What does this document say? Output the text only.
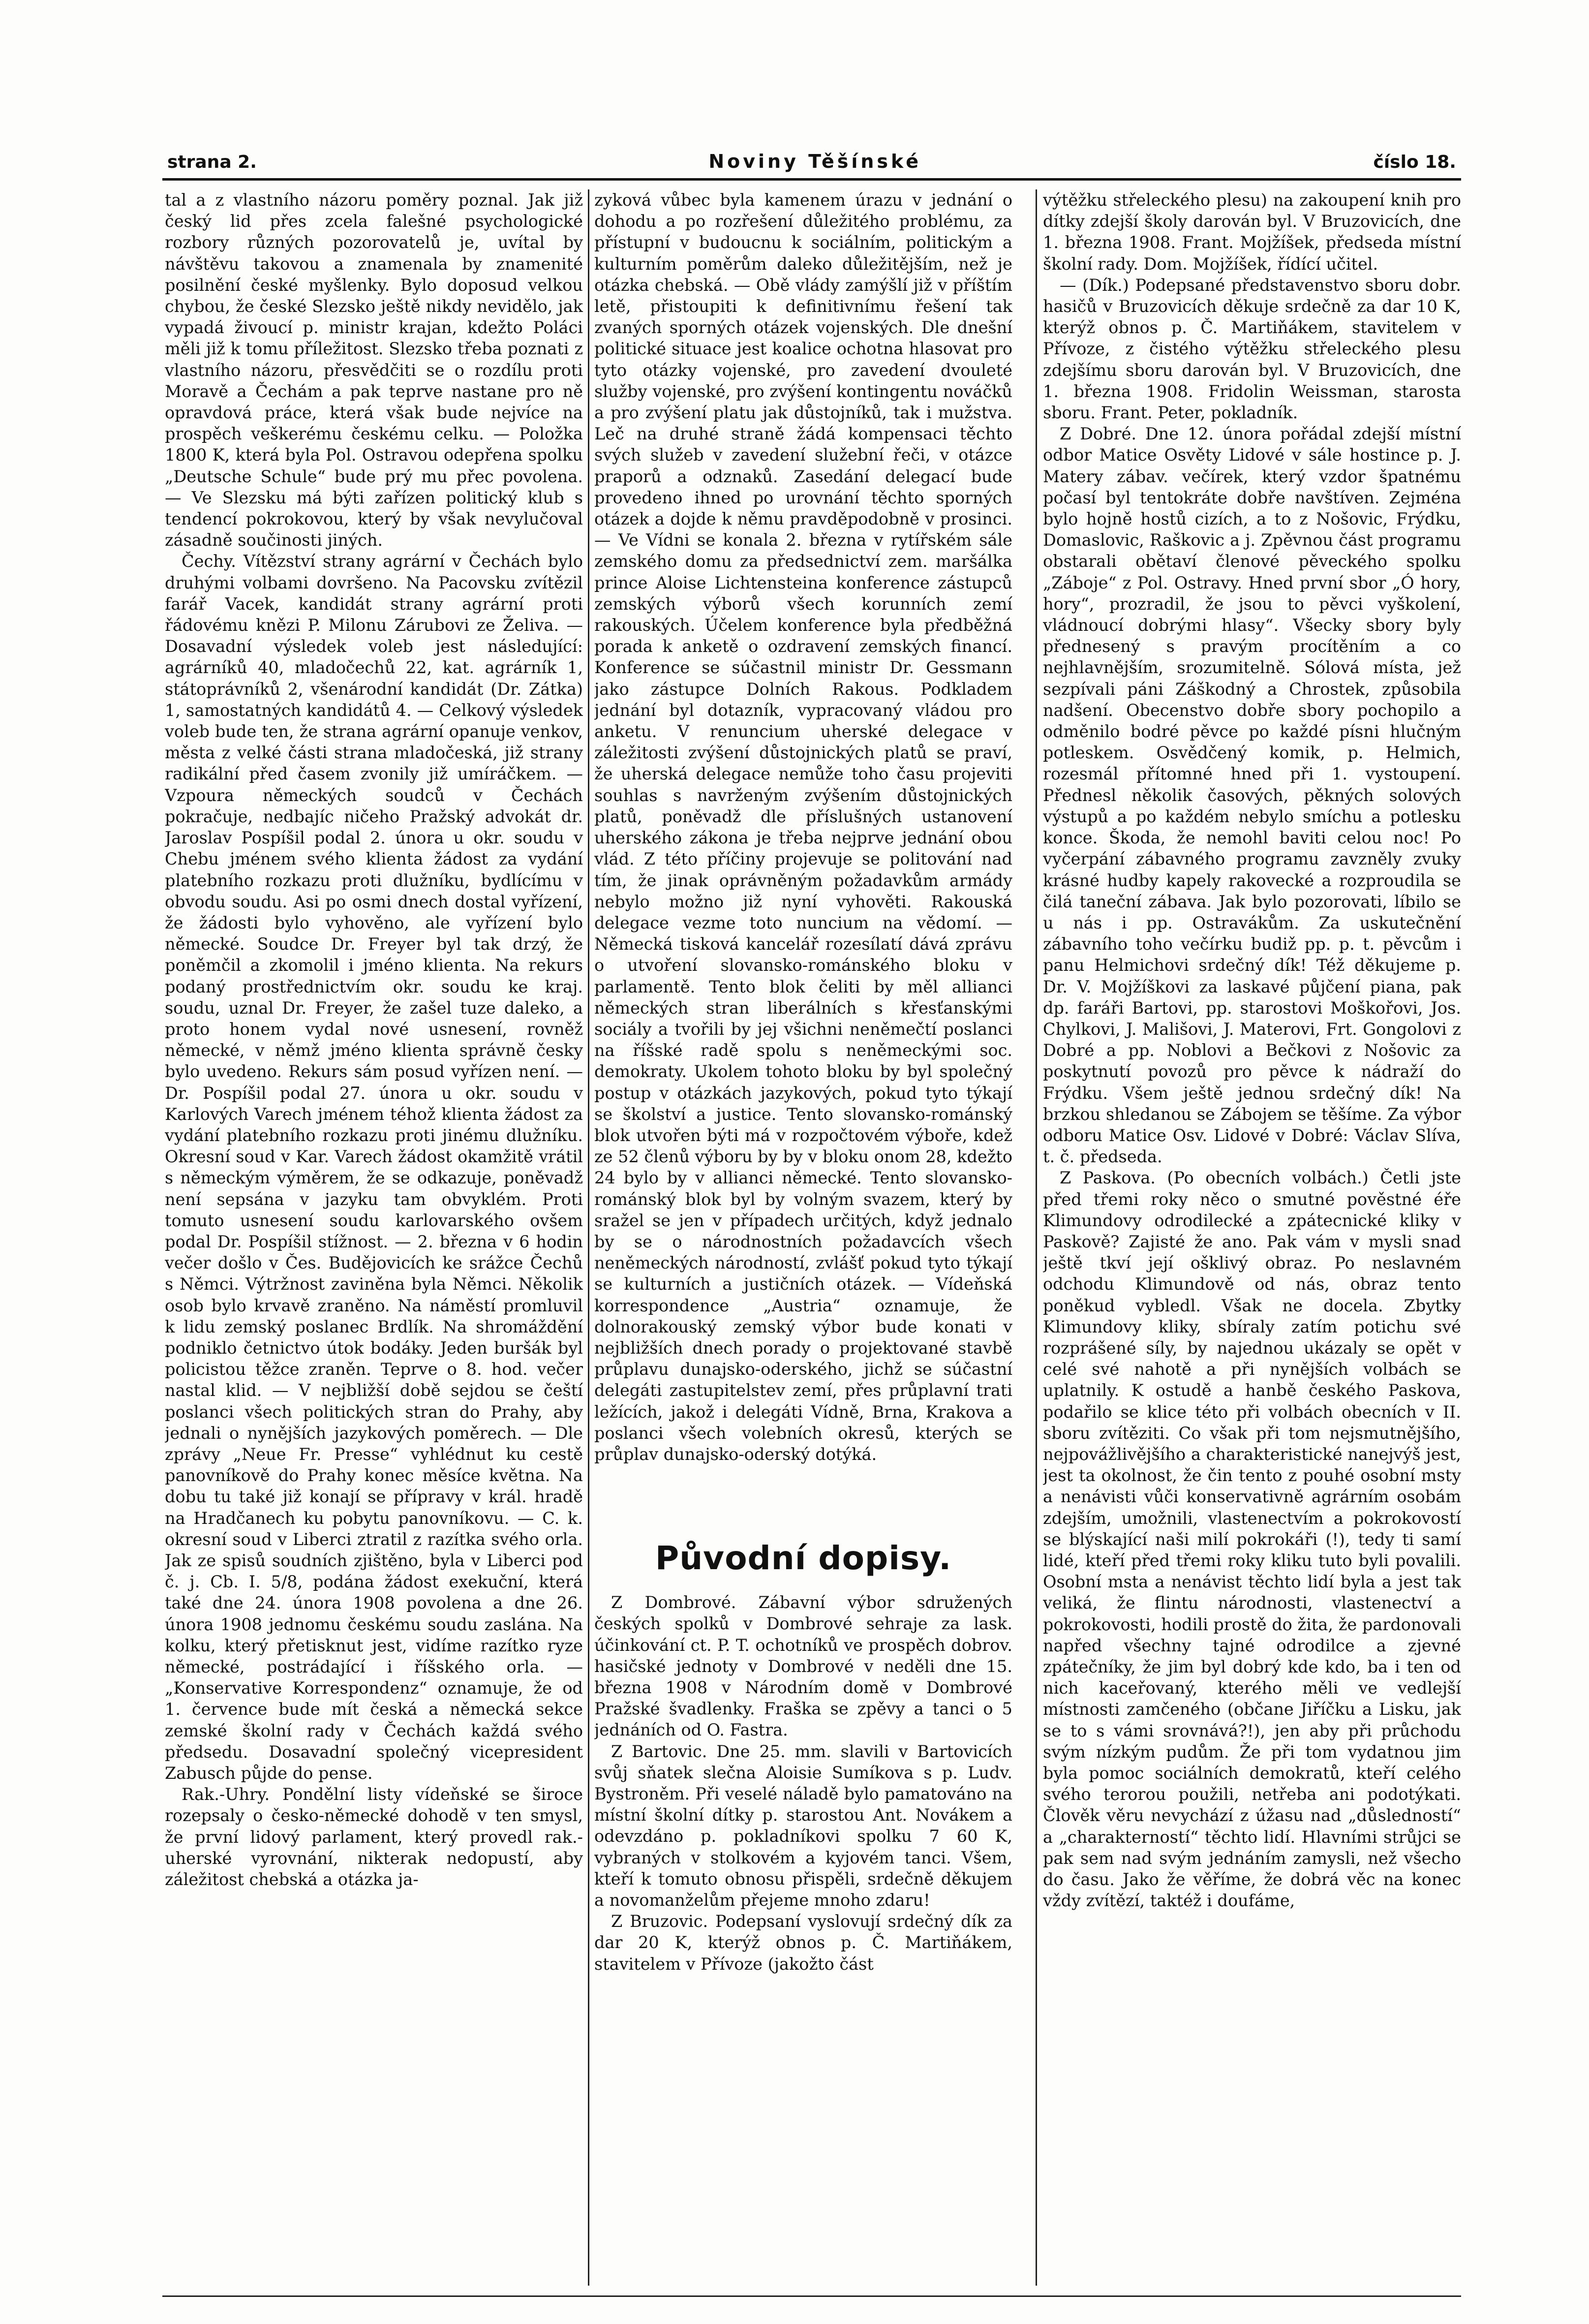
strana 2.	Noviny Těšínské	číslo 18.

tal a z vlastního názoru poměry poznal. Jak již český lid přes zcela falešné psychologické rozbory různých pozorovatelů je, uvítal by návštěvu takovou a znamenala by znamenité posilnění české myšlenky. Bylo doposud velkou chybou, že české Slezsko ještě nikdy nevidělo, jak vypadá živoucí p. ministr krajan, kdežto Poláci měli již k tomu příležitost. Slezsko třeba poznati z vlastního názoru, přesvědčiti se o rozdílu proti Moravě a Čechám a pak teprve nastane pro ně opravdová práce, která však bude nejvíce na prospěch veškerému českému celku. — Položka 1800 K, která byla Pol. Ostravou odepřena spolku „Deutsche Schule“ bude prý mu přec povolena. — Ve Slezsku má býti zařízen politický klub s tendencí pokrokovou, který by však nevylučoval zásadně součinosti jiných.

Čechy. Vítězství strany agrární v Čechách bylo druhými volbami dovršeno. Na Pacovsku zvítězil farář Vacek, kandidát strany agrární proti řádovému knězi P. Milonu Zárubovi ze Želiva. — Dosavadní výsledek voleb jest následující: agrárníků 40, mladočechů 22, kat. agrárník 1, státoprávníků 2, všenárodní kandidát (Dr. Zátka) 1, samostatných kandidátů 4. — Celkový výsledek voleb bude ten, že strana agrární opanuje venkov, města z velké části strana mladočeská, již strany radikální před časem zvonily již umíráčkem. — Vzpoura německých soudců v Čechách pokračuje, nedbajíc ničeho Pražský advokát dr. Jaroslav Pospíšil podal 2. února u okr. soudu v Chebu jménem svého klienta žádost za vydání platebního rozkazu proti dlužníku, bydlícímu v obvodu soudu. Asi po osmi dnech dostal vyřízení, že žádosti bylo vyhověno, ale vyřízení bylo německé. Soudce Dr. Freyer byl tak drzý, že poněmčil a zkomolil i jméno klienta. Na rekurs podaný prostřednictvím okr. soudu ke kraj. soudu, uznal Dr. Freyer, že zašel tuze daleko, a proto honem vydal nové usnesení, rovněž německé, v němž jméno klienta správně česky bylo uvedeno. Rekurs sám posud vyřízen není. — Dr. Pospíšil podal 27. února u okr. soudu v Karlových Varech jménem téhož klienta žádost za vydání platebního rozkazu proti jinému dlužníku. Okresní soud v Kar. Varech žádost okamžitě vrátil s německým výměrem, že se odkazuje, poněvadž není sepsána v jazyku tam obvyklém. Proti tomuto usnesení soudu karlovarského ovšem podal Dr. Pospíšil stížnost. — 2. března v 6 hodin večer došlo v Čes. Budějovicích ke srážce Čechů s Němci. Výtržnost zaviněna byla Němci. Několik osob bylo krvavě zraněno. Na náměstí promluvil k lidu zemský poslanec Brdlík. Na shromáždění podniklo četnictvo útok bodáky. Jeden buršák byl policistou těžce zraněn. Teprve o 8. hod. večer nastal klid. — V nejbližší době sejdou se čeští poslanci všech politických stran do Prahy, aby jednali o nynějších jazykových poměrech. — Dle zprávy „Neue Fr. Presse“ vyhlédnut ku cestě panovníkově do Prahy konec měsíce května. Na dobu tu také již konají se přípravy v král. hradě na Hradčanech ku pobytu panovníkovu. — C. k. okresní soud v Liberci ztratil z razítka svého orla. Jak ze spisů soudních zjištěno, byla v Liberci pod č. j. Cb. I. 5/8, podána žádost exekuční, která také dne 24. února 1908 povolena a dne 26. února 1908 jednomu českému soudu zaslána. Na kolku, který přetisknut jest, vidíme razítko ryze německé, postrádající i říšského orla. — „Konservative Korrespondenz“ oznamuje, že od 1. července bude mít česká a německá sekce zemské školní rady v Čechách každá svého předsedu. Dosavadní společný vicepresident Zabusch půjde do pense.

Rak.-Uhry. Pondělní listy vídeňské se široce rozepsaly o česko-německé dohodě v ten smysl, že první lidový parlament, který provedl rak.-uherské vyrovnání, nikterak nedopustí, aby záležitost chebská a otázka ja-

zyková vůbec byla kamenem úrazu v jednání o dohodu a po rozřešení důležitého problému, za přístupní v budoucnu k sociálním, politickým a kulturním poměrům daleko důležitějším, než je otázka chebská. — Obě vlády zamýšlí již v příštím letě, přistoupiti k definitivnímu řešení tak zvaných sporných otázek vojenských. Dle dnešní politické situace jest koalice ochotna hlasovat pro tyto otázky vojenské, pro zavedení dvouleté služby vojenské, pro zvýšení kontingentu nováčků a pro zvýšení platu jak důstojníků, tak i mužstva. Leč na druhé straně žádá kompensaci těchto svých služeb v zavedení služební řeči, v otázce praporů a odznaků. Zasedání delegací bude provedeno ihned po urovnání těchto sporných otázek a dojde k němu pravděpodobně v prosinci. — Ve Vídni se konala 2. března v rytířském sále zemského domu za předsednictví zem. maršálka prince Aloise Lichtensteina konference zástupců zemských výborů všech korunních zemí rakouských. Účelem konference byla předběžná porada k anketě o ozdravení zemských financí. Konference se súčastnil ministr Dr. Gessmann jako zástupce Dolních Rakous. Podkladem jednání byl dotazník, vypracovaný vládou pro anketu. V renuncium uherské delegace v záležitosti zvýšení důstojnických platů se praví, že uherská delegace nemůže toho času projeviti souhlas s navrženým zvýšením důstojnických platů, poněvadž dle příslušných ustanovení uherského zákona je třeba nejprve jednání obou vlád. Z této příčiny projevuje se politování nad tím, že jinak oprávněným požadavkům armády nebylo možno již nyní vyhověti. Rakouská delegace vezme toto nuncium na vědomí. — Německá tisková kancelář rozesílatí dává zprávu o utvoření slovansko-románského bloku v parlamentě. Tento blok čeliti by měl allianci německých stran liberálních s křesťanskými sociály a tvořili by jej všichni neněmečtí poslanci na říšské radě spolu s neněmeckými soc. demokraty. Ukolem tohoto bloku by byl společný postup v otázkách jazykových, pokud tyto týkají se školství a justice. Tento slovansko-románský blok utvořen býti má v rozpočtovém výboře, kdež ze 52 členů výboru by by v bloku onom 28, kdežto 24 bylo by v allianci německé. Tento slovansko-románský blok byl by volným svazem, který by sražel se jen v případech určitých, když jednalo by se o národnostních požadavcích všech neněmeckých národností, zvlášť pokud tyto týkají se kulturních a justičních otázek. — Vídeňská korrespondence „Austria“ oznamuje, že dolnorakouský zemský výbor bude konati v nejbližších dnech porady o projektované stavbě průplavu dunajsko-oderského, jichž se súčastní delegáti zastupitelstev zemí, přes průplavní trati ležících, jakož i delegáti Vídně, Brna, Krakova a poslanci všech volebních okresů, kterých se průplav dunajsko-oderský dotýká.

Původní dopisy.

Z Dombrové. Zábavní výbor sdružených českých spolků v Dombrové sehraje za lask. účinkování ct. P. T. ochotníků ve prospěch dobrov. hasičské jednoty v Dombrové v neděli dne 15. března 1908 v Národním domě v Dombrové Pražské švadlenky. Fraška se zpěvy a tanci o 5 jednáních od O. Fastra.

Z Bartovic. Dne 25. mm. slavili v Bartovicích svůj sňatek slečna Aloisie Sumíkova s p. Ludv. Bystroněm. Při veselé náladě bylo pamatováno na místní školní dítky p. starostou Ant. Novákem a odevzdáno p. pokladníkovi spolku 7 60 K, vybraných v stolkovém a kyjovém tanci. Všem, kteří k tomuto obnosu přispěli, srdečně děkujem a novomanželům přejeme mnoho zdaru!

Z Bruzovic. Podepsaní vyslovují srdečný dík za dar 20 K, kterýž obnos p. Č. Martiňákem, stavitelem v Přívoze (jakožto část

výtěžku střeleckého plesu) na zakoupení knih pro dítky zdejší školy darován byl. V Bruzovicích, dne 1. března 1908. Frant. Mojžíšek, předseda místní školní rady. Dom. Mojžíšek, řídící učitel.

— (Dík.) Podepsané představenstvo sboru dobr. hasičů v Bruzovicích děkuje srdečně za dar 10 K, kterýž obnos p. Č. Martiňákem, stavitelem v Přívoze, z čistého výtěžku střeleckého plesu zdejšímu sboru darován byl. V Bruzovicích, dne 1. března 1908. Fridolin Weissman, starosta sboru. Frant. Peter, pokladník.

Z Dobré. Dne 12. února pořádal zdejší místní odbor Matice Osvěty Lidové v sále hostince p. J. Matery zábav. večírek, který vzdor špatnému počasí byl tentokráte dobře navštíven. Zejména bylo hojně hostů cizích, a to z Nošovic, Frýdku, Domaslovic, Raškovic a j. Zpěvnou část programu obstarali obětaví členové pěveckého spolku „Záboje“ z Pol. Ostravy. Hned první sbor „Ó hory, hory“, prozradil, že jsou to pěvci vyškolení, vládnoucí dobrými hlasy“. Všecky sbory byly přednesený s pravým procítěním a co nejhlavnějším, srozumitelně. Sólová místa, jež sezpívali páni Záškodný a Chrostek, způsobila nadšení. Obecenstvo dobře sbory pochopilo a odměnilo bodré pěvce po každé písni hlučným potleskem. Osvědčený komik, p. Helmich, rozesmál přítomné hned při 1. vystoupení. Přednesl několik časových, pěkných solových výstupů a po každém nebylo smíchu a potlesku konce. Škoda, že nemohl baviti celou noc! Po vyčerpání zábavného programu zavzněly zvuky krásné hudby kapely rakovecké a rozproudila se čilá taneční zábava. Jak bylo pozorovati, líbilo se u nás i pp. Ostravákům. Za uskutečnění zábavního toho večírku budiž pp. p. t. pěvcům i panu Helmichovi srdečný dík! Též děkujeme p. Dr. V. Mojžíškovi za laskavé půjčení piana, pak dp. faráři Bartovi, pp. starostovi Moškořovi, Jos. Chylkovi, J. Mališovi, J. Materovi, Frt. Gongolovi z Dobré a pp. Noblovi a Bečkovi z Nošovic za poskytnutí povozů pro pěvce k nádraží do Frýdku. Všem ještě jednou srdečný dík! Na brzkou shledanou se Zábojem se těšíme. Za výbor odboru Matice Osv. Lidové v Dobré: Václav Slíva, t. č. předseda.

Z Paskova. (Po obecních volbách.) Četli jste před třemi roky něco o smutné pověstné éře Klimundovy odrodilecké a zpátecnické kliky v Paskově? Zajisté že ano. Pak vám v mysli snad ještě tkví její ošklivý obraz. Po neslavném odchodu Klimundově od nás, obraz tento poněkud vybledl. Však ne docela. Zbytky Klimundovy kliky, sbíraly zatím potichu své rozprášené síly, by najednou ukázaly se opět v celé své nahotě a při nynějších volbách se uplatnily. K ostudě a hanbě českého Paskova, podařilo se klice této při volbách obecních v II. sboru zvítěziti. Co však při tom nejsmutnějšího, nejpovážlivějšího a charakteristické nanejvýš jest, jest ta okolnost, že čin tento z pouhé osobní msty a nenávisti vůči konservativně agrárním osobám zdejším, umožnili, vlastenectvím a pokrokovostí se blýskající naši milí pokrokáři (!), tedy ti samí lidé, kteří před třemi roky kliku tuto byli povalili. Osobní msta a nenávist těchto lidí byla a jest tak veliká, že flintu národnosti, vlastenectví a pokrokovosti, hodili prostě do žita, že pardonovali napřed všechny tajné odrodilce a zjevné zpátečníky, že jim byl dobrý kde kdo, ba i ten od nich kaceřovaný, kterého měli ve vedlejší místnosti zamčeného (občane Jiříčku a Lisku, jak se to s vámi srovnává?!), jen aby při průchodu svým nízkým pudům. Že při tom vydatnou jim byla pomoc sociálních demokratů, kteří celého svého terorou použili, netřeba ani podotýkati. Člověk věru nevychází z úžasu nad „důsledností“ a „charakterností“ těchto lidí. Hlavními strůjci se pak sem nad svým jednáním zamysli, než všecho do času. Jako že věříme, že dobrá věc na konec vždy zvítězí, taktéž i doufáme,
